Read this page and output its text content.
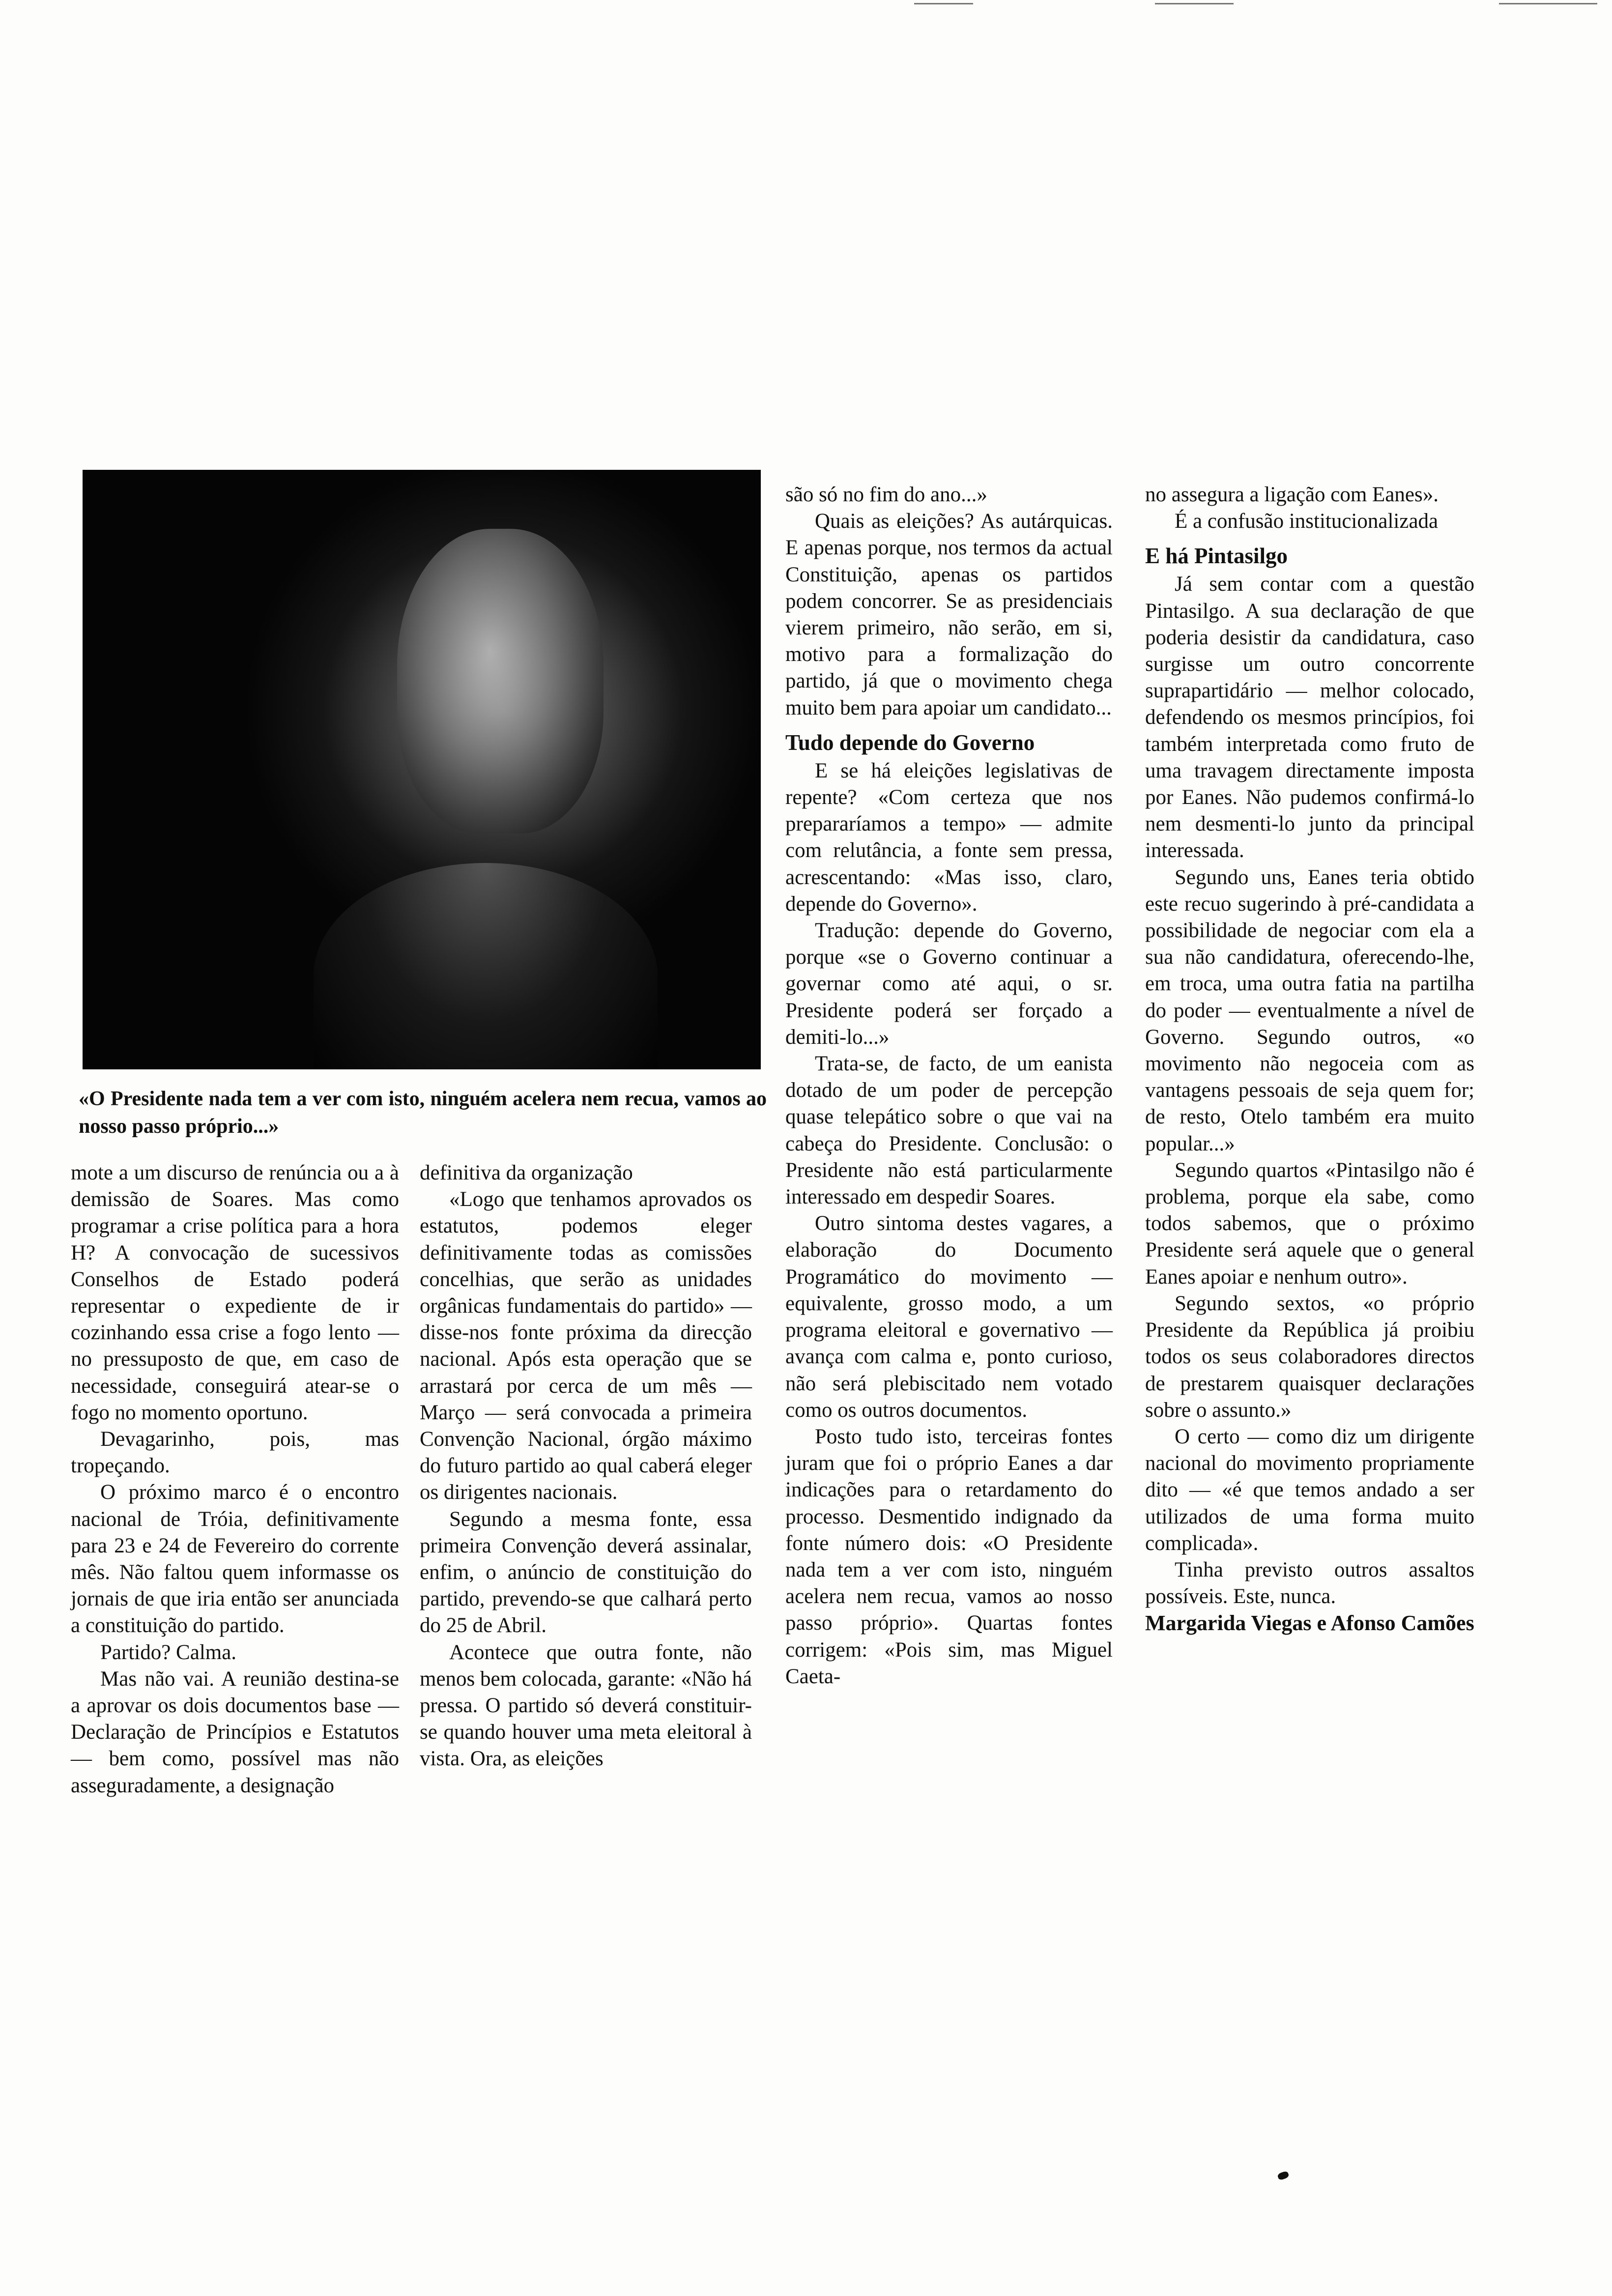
«O Presidente nada tem a ver com isto, ninguém acelera nem recua, vamos ao nosso passo próprio...»

mote a um discurso de renúncia ou a à demissão de Soares. Mas como programar a crise política para a hora H? A convocação de sucessivos Conselhos de Estado poderá representar o expediente de ir cozinhando essa crise a fogo lento — no pressuposto de que, em caso de necessidade, conseguirá atear-se o fogo no momento oportuno.

Devagarinho, pois, mas tropeçando.

O próximo marco é o encontro nacional de Tróia, definitivamente para 23 e 24 de Fevereiro do corrente mês. Não faltou quem informasse os jornais de que iria então ser anunciada a constituição do partido.

Partido? Calma.

Mas não vai. A reunião destina-se a aprovar os dois documentos base — Declaração de Princípios e Estatutos — bem como, possível mas não asseguradamente, a designação

definitiva da organização

«Logo que tenhamos aprovados os estatutos, podemos eleger definitivamente todas as comissões concelhias, que serão as unidades orgânicas fundamentais do partido» — disse-nos fonte próxima da direcção nacional. Após esta operação que se arrastará por cerca de um mês — Março — será convocada a primeira Convenção Nacional, órgão máximo do futuro partido ao qual caberá eleger os dirigentes nacionais.

Segundo a mesma fonte, essa primeira Convenção deverá assinalar, enfim, o anúncio de constituição do partido, prevendo-se que calhará perto do 25 de Abril.

Acontece que outra fonte, não menos bem colocada, garante: «Não há pressa. O partido só deverá constituir-se quando houver uma meta eleitoral à vista. Ora, as eleições

são só no fim do ano...»

Quais as eleições? As autárquicas. E apenas porque, nos termos da actual Constituição, apenas os partidos podem concorrer. Se as presidenciais vierem primeiro, não serão, em si, motivo para a formalização do partido, já que o movimento chega muito bem para apoiar um candidato...

Tudo depende do Governo

E se há eleições legislativas de repente? «Com certeza que nos prepararíamos a tempo» — admite com relutância, a fonte sem pressa, acrescentando: «Mas isso, claro, depende do Governo».

Tradução: depende do Governo, porque «se o Governo continuar a governar como até aqui, o sr. Presidente poderá ser forçado a demiti-lo...»

Trata-se, de facto, de um eanista dotado de um poder de percepção quase telepático sobre o que vai na cabeça do Presidente. Conclusão: o Presidente não está particularmente interessado em despedir Soares.

Outro sintoma destes vagares, a elaboração do Documento Programático do movimento — equivalente, grosso modo, a um programa eleitoral e governativo — avança com calma e, ponto curioso, não será plebiscitado nem votado como os outros documentos.

Posto tudo isto, terceiras fontes juram que foi o próprio Eanes a dar indicações para o retardamento do processo. Desmentido indignado da fonte número dois: «O Presidente nada tem a ver com isto, ninguém acelera nem recua, vamos ao nosso passo próprio». Quartas fontes corrigem: «Pois sim, mas Miguel Caeta-

no assegura a ligação com Eanes».

É a confusão institucionalizada

E há Pintasilgo

Já sem contar com a questão Pintasilgo. A sua declaração de que poderia desistir da candidatura, caso surgisse um outro concorrente suprapartidário — melhor colocado, defendendo os mesmos princípios, foi também interpretada como fruto de uma travagem directamente imposta por Eanes. Não pudemos confirmá-lo nem desmenti-lo junto da principal interessada.

Segundo uns, Eanes teria obtido este recuo sugerindo à pré-candidata a possibilidade de negociar com ela a sua não candidatura, oferecendo-lhe, em troca, uma outra fatia na partilha do poder — eventualmente a nível de Governo. Segundo outros, «o movimento não negoceia com as vantagens pessoais de seja quem for; de resto, Otelo também era muito popular...»

Segundo quartos «Pintasilgo não é problema, porque ela sabe, como todos sabemos, que o próximo Presidente será aquele que o general Eanes apoiar e nenhum outro».

Segundo sextos, «o próprio Presidente da República já proibiu todos os seus colaboradores directos de prestarem quaisquer declarações sobre o assunto.»

O certo — como diz um dirigente nacional do movimento propriamente dito — «é que temos andado a ser utilizados de uma forma muito complicada».

Tinha previsto outros assaltos possíveis. Este, nunca.

Margarida Viegas e Afonso Camões
